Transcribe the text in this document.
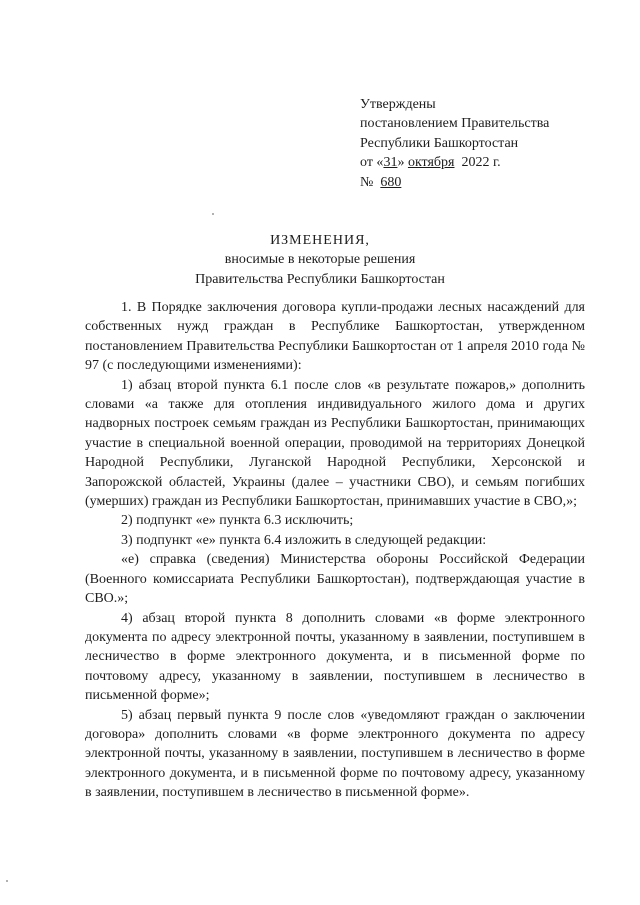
Утверждены
постановлением Правительства
Республики Башкортостан
от «31» октября 2022 г.
№ 680
ИЗМЕНЕНИЯ,
вносимые в некоторые решения
Правительства Республики Башкортостан

1. В Порядке заключения договора купли-продажи лесных насаждений для собственных нужд граждан в Республике Башкортостан, утвержденном постановлением Правительства Республики Башкортостан от 1 апреля 2010 года № 97 (с последующими изменениями):

1) абзац второй пункта 6.1 после слов «в результате пожаров,» дополнить словами «а также для отопления индивидуального жилого дома и других надворных построек семьям граждан из Республики Башкортостан, принимающих участие в специальной военной операции, проводимой на территориях Донецкой Народной Республики, Луганской Народной Республики, Херсонской и Запорожской областей, Украины (далее – участники СВО), и семьям погибших (умерших) граждан из Республики Башкортостан, принимавших участие в СВО,»;

2) подпункт «е» пункта 6.3 исключить;

3) подпункт «е» пункта 6.4 изложить в следующей редакции:

«е) справка (сведения) Министерства обороны Российской Федерации (Военного комиссариата Республики Башкортостан), подтверждающая участие в СВО.»;

4) абзац второй пункта 8 дополнить словами «в форме электронного документа по адресу электронной почты, указанному в заявлении, поступившем в лесничество в форме электронного документа, и в письменной форме по почтовому адресу, указанному в заявлении, поступившем в лесничество в письменной форме»;

5) абзац первый пункта 9 после слов «уведомляют граждан о заключении договора» дополнить словами «в форме электронного документа по адресу электронной почты, указанному в заявлении, поступившем в лесничество в форме электронного документа, и в письменной форме по почтовому адресу, указанному в заявлении, поступившем в лесничество в письменной форме».
